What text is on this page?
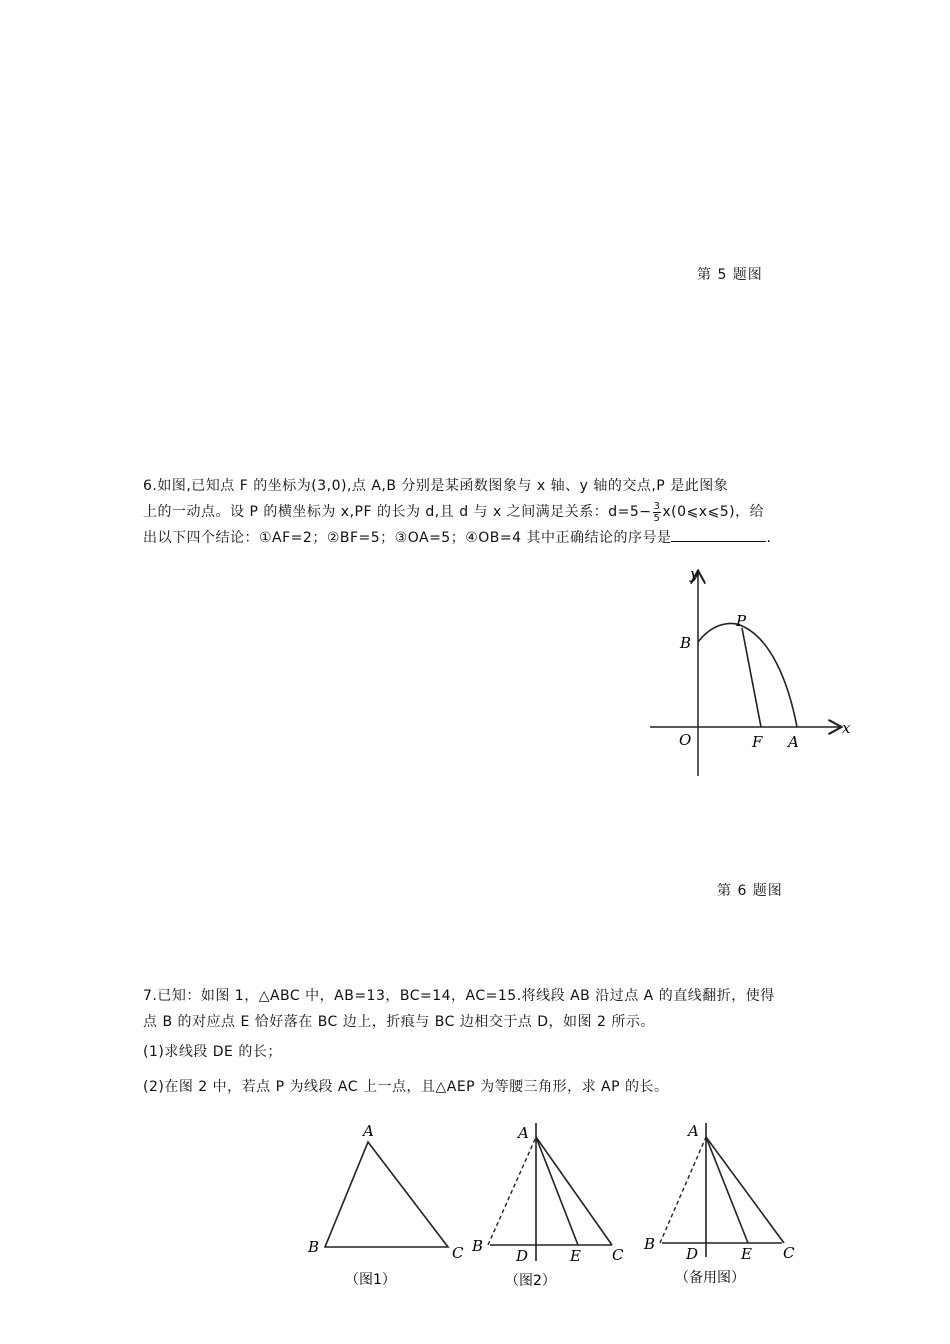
第 5 题图
6.如图,已知点 F 的坐标为(3,0),点 A,B 分别是某函数图象与 x 轴、y 轴的交点,P 是此图象
上的一动点。设 P 的横坐标为 x,PF 的长为 d,且 d 与 x 之间满足关系：$d=5- \frac{3}{5}$ x(0⩽x⩽5)，给
出以下四个结论：①AF=2；②BF=5；③OA=5；④OB=4 其中正确结论的序号是	.
y
x
B
P
O	F A
第 6 题图
7.已知：如图 1，△ABC 中，AB=13，BC=14，AC=15.将线段 AB 沿过点 A 的直线翻折，使得
点 B 的对应点 E 恰好落在 BC 边上，折痕与 BC 边相交于点 D，如图 2 所示。
(1)求线段 DE 的长；
(2)在图 2 中，若点 P 为线段 AC 上一点，且△AEP 为等腰三角形，求 AP 的长。
A
B	C
（图1）
A
B
D	E C
（图2）
A
B
D	E C
（备用图）
